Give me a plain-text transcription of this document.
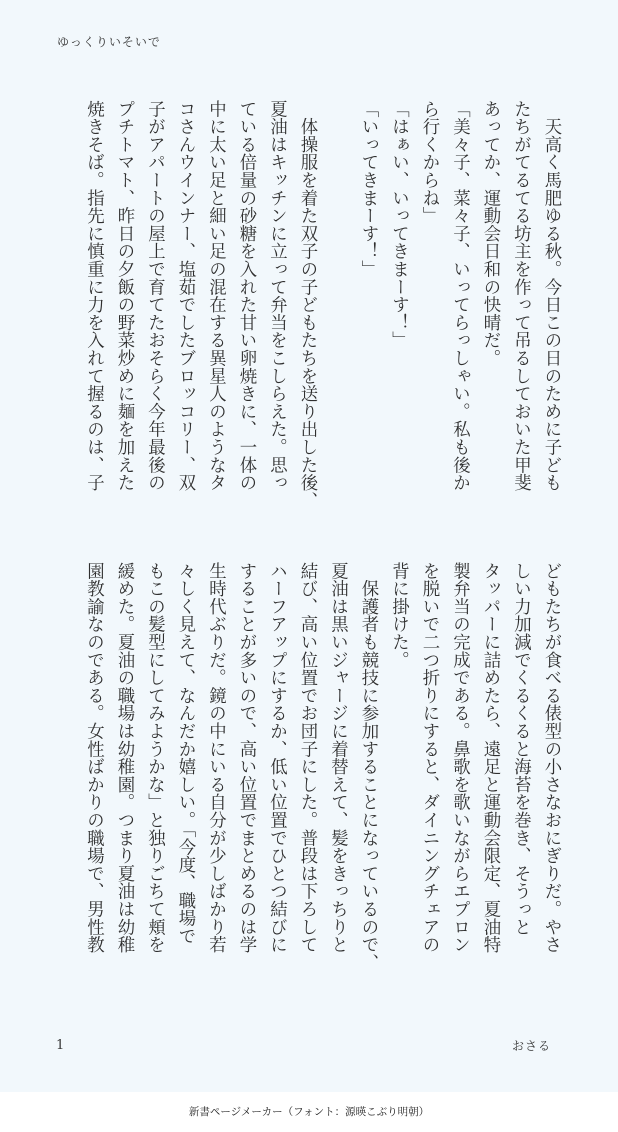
ゆっくりいそいで
　天高く馬肥ゆる秋。今日この日のために子ども
たちがてるてる坊主を作って吊るしておいた甲斐
あってか、運動会日和の快晴だ。
「美々子、菜々子、いってらっしゃい。私も後か
ら行くからね」
「はぁい、いってきまーす！」
「いってきまーす！」

　体操服を着た双子の子どもたちを送り出した後、
夏油はキッチンに立って弁当をこしらえた。思っ
ている倍量の砂糖を入れた甘い卵焼きに、一体の
中に太い足と細い足の混在する異星人のようなタ
コさんウインナー、塩茹でしたブロッコリー、双
子がアパートの屋上で育てたおそらく今年最後の
プチトマト、昨日の夕飯の野菜炒めに麺を加えた
焼きそば。指先に慎重に力を入れて握るのは、子
どもたちが食べる俵型の小さなおにぎりだ。やさ
しい力加減でくるくると海苔を巻き、そうっと
タッパーに詰めたら、遠足と運動会限定、夏油特
製弁当の完成である。鼻歌を歌いながらエプロン
を脱いで二つ折りにすると、ダイニングチェアの
背に掛けた。
　保護者も競技に参加することになっているので、
夏油は黒いジャージに着替えて、髪をきっちりと
結び、高い位置でお団子にした。普段は下ろして
ハーフアップにするか、低い位置でひとつ結びに
することが多いので、高い位置でまとめるのは学
生時代ぶりだ。鏡の中にいる自分が少しばかり若
々しく見えて、なんだか嬉しい。「今度、職場で
もこの髪型にしてみようかな」と独りごちて頬を
緩めた。夏油の職場は幼稚園。つまり夏油は幼稚
園教諭なのである。女性ばかりの職場で、男性教
1	おさる
新書ページメーカー（フォント：源暎こぶり明朝）
